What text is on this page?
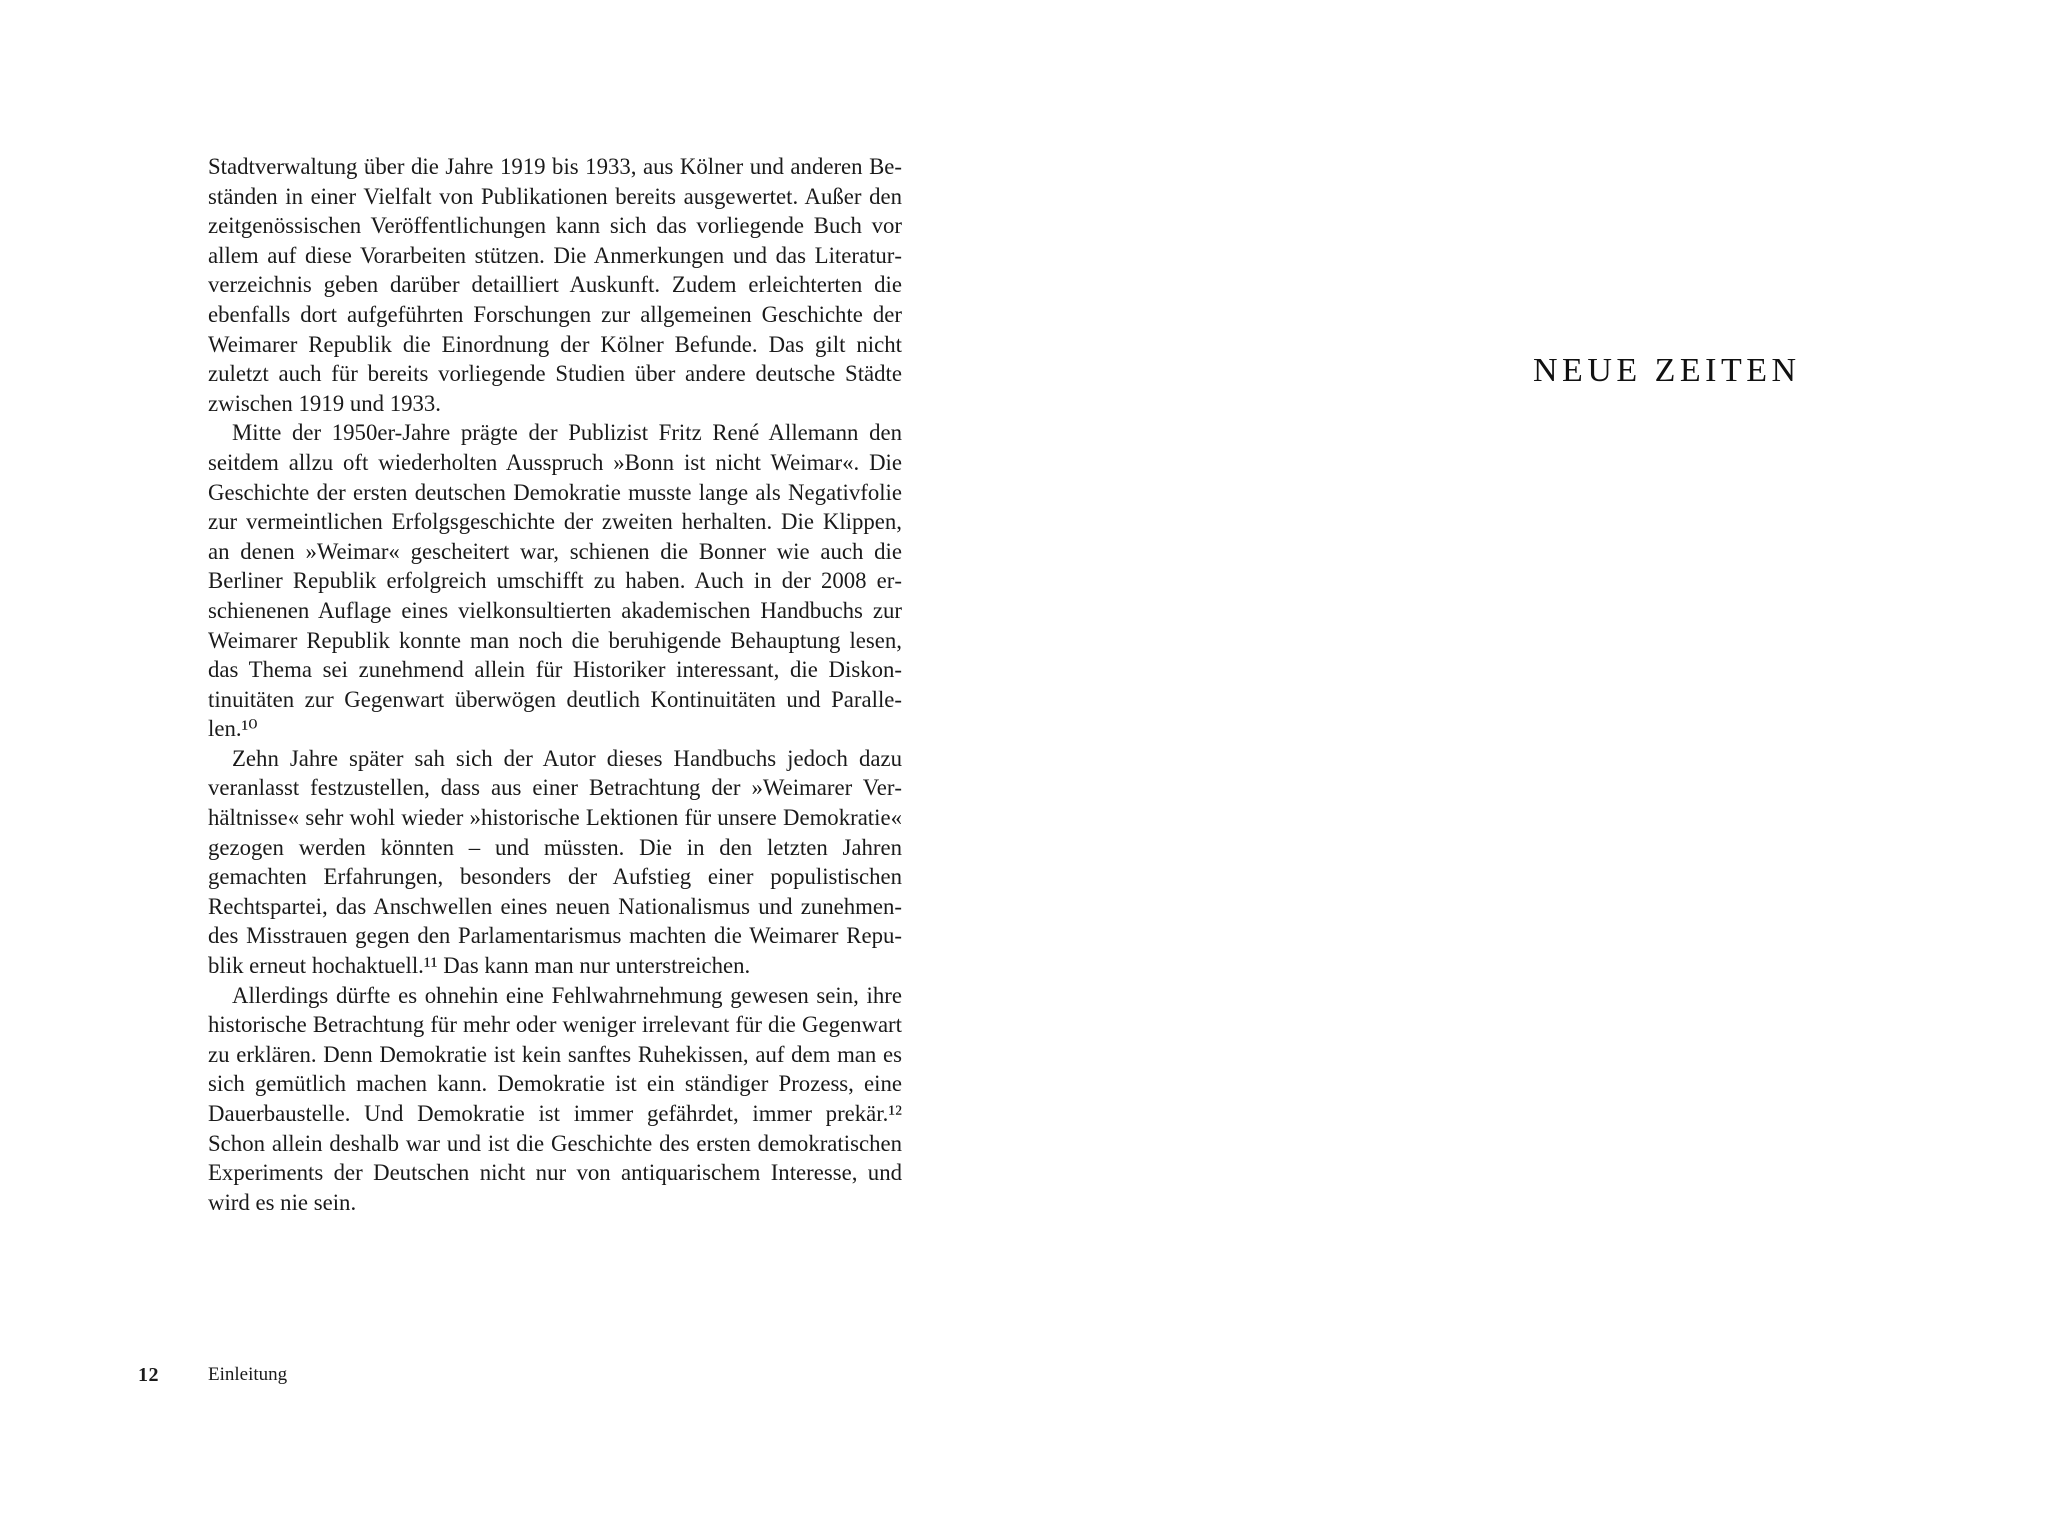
Stadtverwaltung über die Jahre 1919 bis 1933, aus Kölner und anderen Beständen in einer Vielfalt von Publikationen bereits ausgewertet. Außer den zeitgenössischen Veröffentlichungen kann sich das vorliegende Buch vor allem auf diese Vorarbeiten stützen. Die Anmerkungen und das Literaturverzeichnis geben darüber detailliert Auskunft. Zudem erleichterten die ebenfalls dort aufgeführten Forschungen zur allgemeinen Geschichte der Weimarer Republik die Einordnung der Kölner Befunde. Das gilt nicht zuletzt auch für bereits vorliegende Studien über andere deutsche Städte zwischen 1919 und 1933.

Mitte der 1950er-Jahre prägte der Publizist Fritz René Allemann den seitdem allzu oft wiederholten Ausspruch »Bonn ist nicht Weimar«. Die Geschichte der ersten deutschen Demokratie musste lange als Negativfolie zur vermeintlichen Erfolgsgeschichte der zweiten herhalten. Die Klippen, an denen »Weimar« gescheitert war, schienen die Bonner wie auch die Berliner Republik erfolgreich umschifft zu haben. Auch in der 2008 erschienenen Auflage eines vielkonsultierten akademischen Handbuchs zur Weimarer Republik konnte man noch die beruhigende Behauptung lesen, das Thema sei zunehmend allein für Historiker interessant, die Diskontinuitäten zur Gegenwart überwögen deutlich Kontinuitäten und Parallelen.¹⁰

Zehn Jahre später sah sich der Autor dieses Handbuchs jedoch dazu veranlasst festzustellen, dass aus einer Betrachtung der »Weimarer Verhältnisse« sehr wohl wieder »historische Lektionen für unsere Demokratie« gezogen werden könnten – und müssten. Die in den letzten Jahren gemachten Erfahrungen, besonders der Aufstieg einer populistischen Rechtspartei, das Anschwellen eines neuen Nationalismus und zunehmendes Misstrauen gegen den Parlamentarismus machten die Weimarer Republik erneut hochaktuell.¹¹ Das kann man nur unterstreichen.

Allerdings dürfte es ohnehin eine Fehlwahrnehmung gewesen sein, ihre historische Betrachtung für mehr oder weniger irrelevant für die Gegenwart zu erklären. Denn Demokratie ist kein sanftes Ruhekissen, auf dem man es sich gemütlich machen kann. Demokratie ist ein ständiger Prozess, eine Dauerbaustelle. Und Demokratie ist immer gefährdet, immer prekär.¹² Schon allein deshalb war und ist die Geschichte des ersten demokratischen Experiments der Deutschen nicht nur von antiquarischem Interesse, und wird es nie sein.

12	Einleitung
NEUE ZEITEN
